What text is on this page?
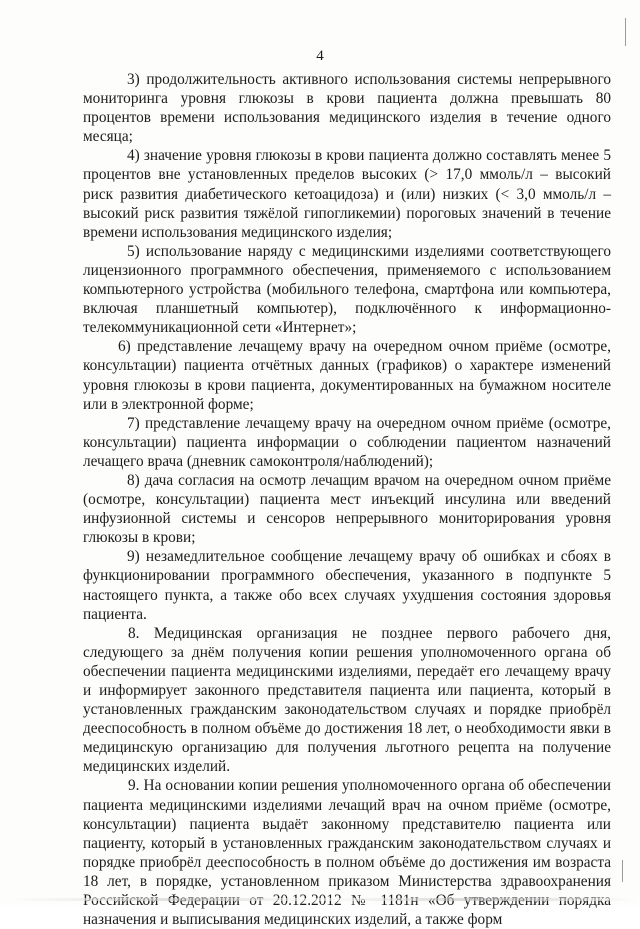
4

3) продолжительность активного использования системы непрерывного мониторинга уровня глюкозы в крови пациента должна превышать 80 процентов времени использования медицинского изделия в течение одного месяца;

4) значение уровня глюкозы в крови пациента должно составлять менее 5 процентов вне установленных пределов высоких (> 17,0 ммоль/л – высокий риск развития диабетического кетоацидоза) и (или) низких (< 3,0 ммоль/л – высокий риск развития тяжёлой гипогликемии) пороговых значений в течение времени использования медицинского изделия;

5) использование наряду с медицинскими изделиями соответствующего лицензионного программного обеспечения, применяемого с использованием компьютерного устройства (мобильного телефона, смартфона или компьютера, включая планшетный компьютер), подключённого к информационно-телекоммуникационной сети «Интернет»;

6) представление лечащему врачу на очередном очном приёме (осмотре, консультации) пациента отчётных данных (графиков) о характере изменений уровня глюкозы в крови пациента, документированных на бумажном носителе или в электронной форме;

7) представление лечащему врачу на очередном очном приёме (осмотре, консультации) пациента информации о соблюдении пациентом назначений лечащего врача (дневник самоконтроля/наблюдений);

8) дача согласия на осмотр лечащим врачом на очередном очном приёме (осмотре, консультации) пациента мест инъекций инсулина или введений инфузионной системы и сенсоров непрерывного мониторирования уровня глюкозы в крови;

9) незамедлительное сообщение лечащему врачу об ошибках и сбоях в функционировании программного обеспечения, указанного в подпункте 5 настоящего пункта, а также обо всех случаях ухудшения состояния здоровья пациента.

8. Медицинская организация не позднее первого рабочего дня, следующего за днём получения копии решения уполномоченного органа об обеспечении пациента медицинскими изделиями, передаёт его лечащему врачу и информирует законного представителя пациента или пациента, который в установленных гражданским законодательством случаях и порядке приобрёл дееспособность в полном объёме до достижения 18 лет, о необходимости явки в медицинскую организацию для получения льготного рецепта на получение медицинских изделий.

9. На основании копии решения уполномоченного органа об обеспечении пациента медицинскими изделиями лечащий врач на очном приёме (осмотре, консультации) пациента выдаёт законному представителю пациента или пациенту, который в установленных гражданским законодательством случаях и порядке приобрёл дееспособность в полном объёме до достижения им возраста 18 лет, в порядке, установленном приказом Министерства здравоохранения назначения и выписывания медицинских изделий, а также форм
